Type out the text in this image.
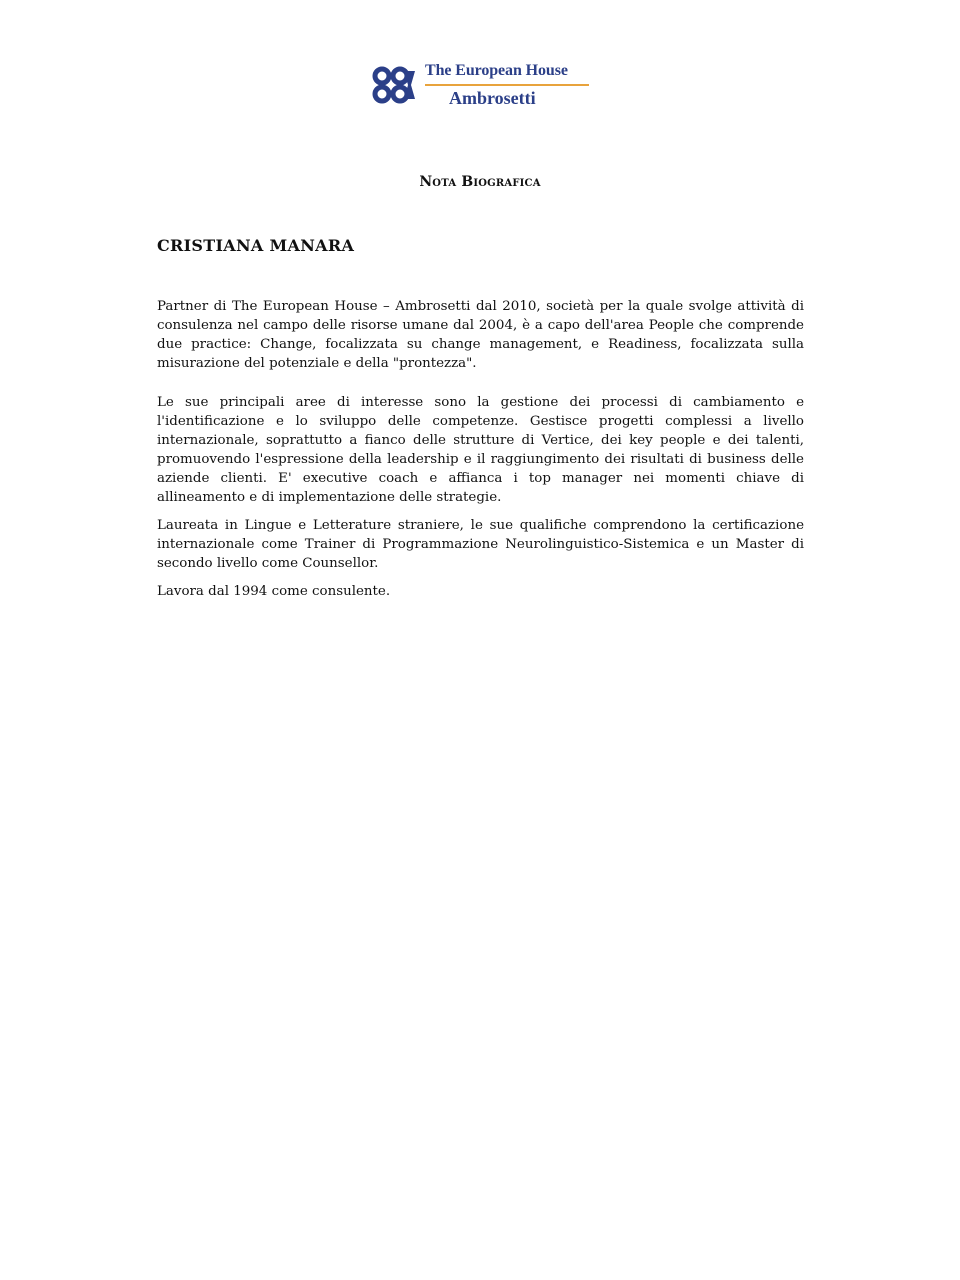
The European House
Ambrosetti
Nota Biografica
CRISTIANA MANARA

Partner di The European House – Ambrosetti dal 2010, società per la quale svolge attività di consulenza nel campo delle risorse umane dal 2004, è a capo dell'area People che comprende due practice: Change, focalizzata su change management, e Readiness, focalizzata sulla misurazione del potenziale e della "prontezza".

Le sue principali aree di interesse sono la gestione dei processi di cambiamento e l'identificazione e lo sviluppo delle competenze. Gestisce progetti complessi a livello internazionale, soprattutto a fianco delle strutture di Vertice, dei key people e dei talenti, promuovendo l'espressione della leadership e il raggiungimento dei risultati di business delle aziende clienti. E' executive coach e affianca i top manager nei momenti chiave di allineamento e di implementazione delle strategie.

Laureata in Lingue e Letterature straniere, le sue qualifiche comprendono la certificazione internazionale come Trainer di Programmazione Neurolinguistico-Sistemica e un Master di secondo livello come Counsellor.

Lavora dal 1994 come consulente.
